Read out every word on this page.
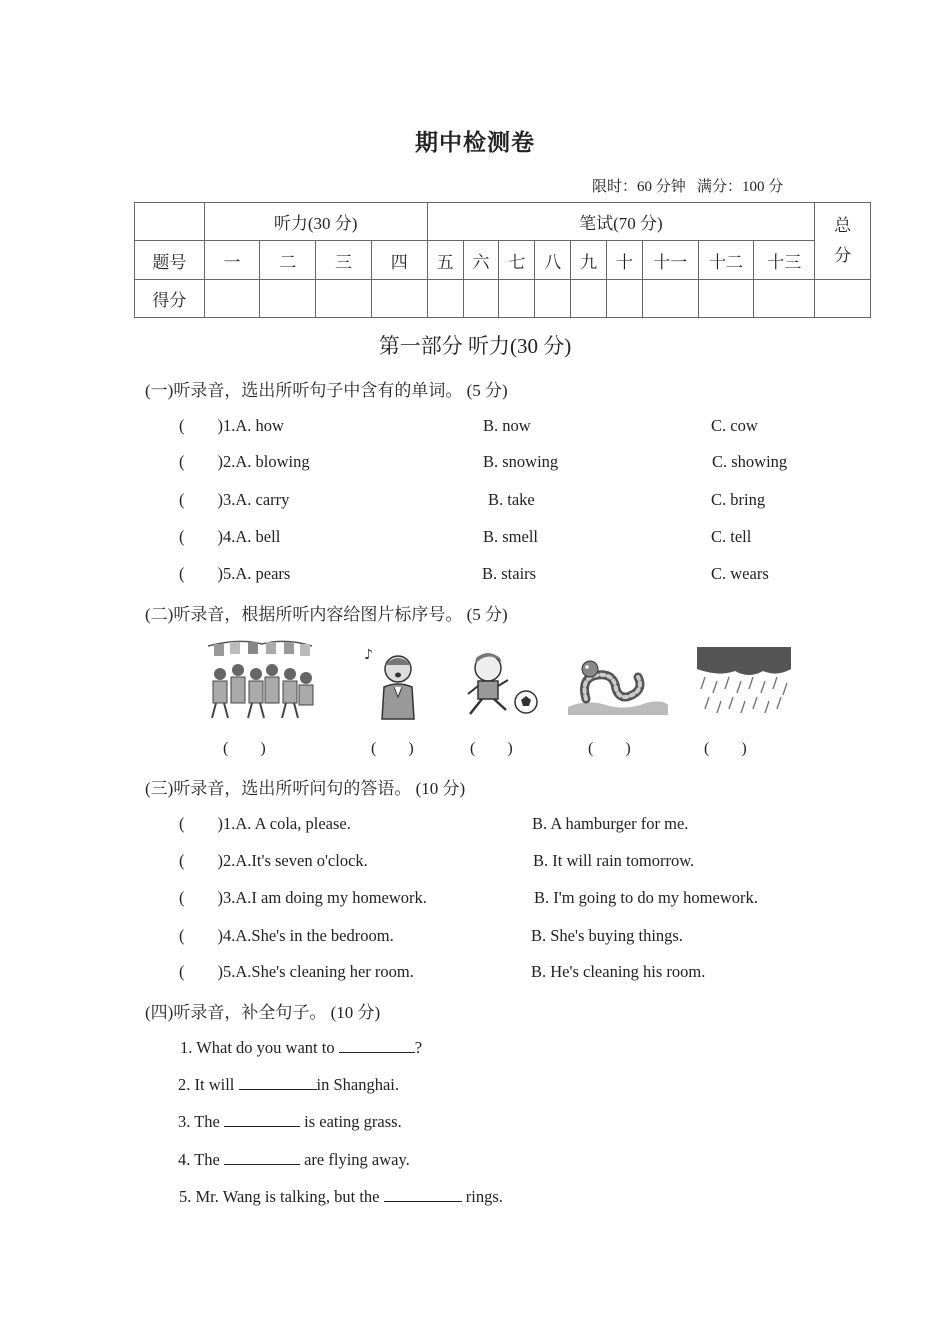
期中检测卷
限时：60 分钟   满分：100 分
	听力(30 分)				笔试(70 分)									总
分
题号	一	二	三	四	五	六	七	八	九	十	十一	十二	十三	
得分														
第一部分 听力(30 分)
(一)听录音，选出所听句子中含有的单词。 (5 分)
(        )1.A. how	B. now	C. cow
(        )2.A. blowing	B. snowing	C. showing
(        )3.A. carry	B. take	C. bring
(        )4.A. bell	B. smell	C. tell
(        )5.A. pears	B. stairs	C. wears
(二)听录音，根据所听内容给图片标序号。 (5 分)
♪
(        )	(        )	(        )	(        )	(        )
(三)听录音，选出所听问句的答语。 (10 分)
(        )1.A. A cola, please.	B. A hamburger for me.
(        )2.A.It's seven o'clock.	B. It will rain tomorrow.
(        )3.A.I am doing my homework.	B. I'm going to do my homework.
(        )4.A.She's in the bedroom.	B. She's buying things.
(        )5.A.She's cleaning her room.	B. He's cleaning his room.
(四)听录音，补全句子。 (10 分)
1. What do you want to	?
2. It will	in Shanghai.
3. The	is eating grass.
4. The	are flying away.
5. Mr. Wang is talking, but the	rings.
